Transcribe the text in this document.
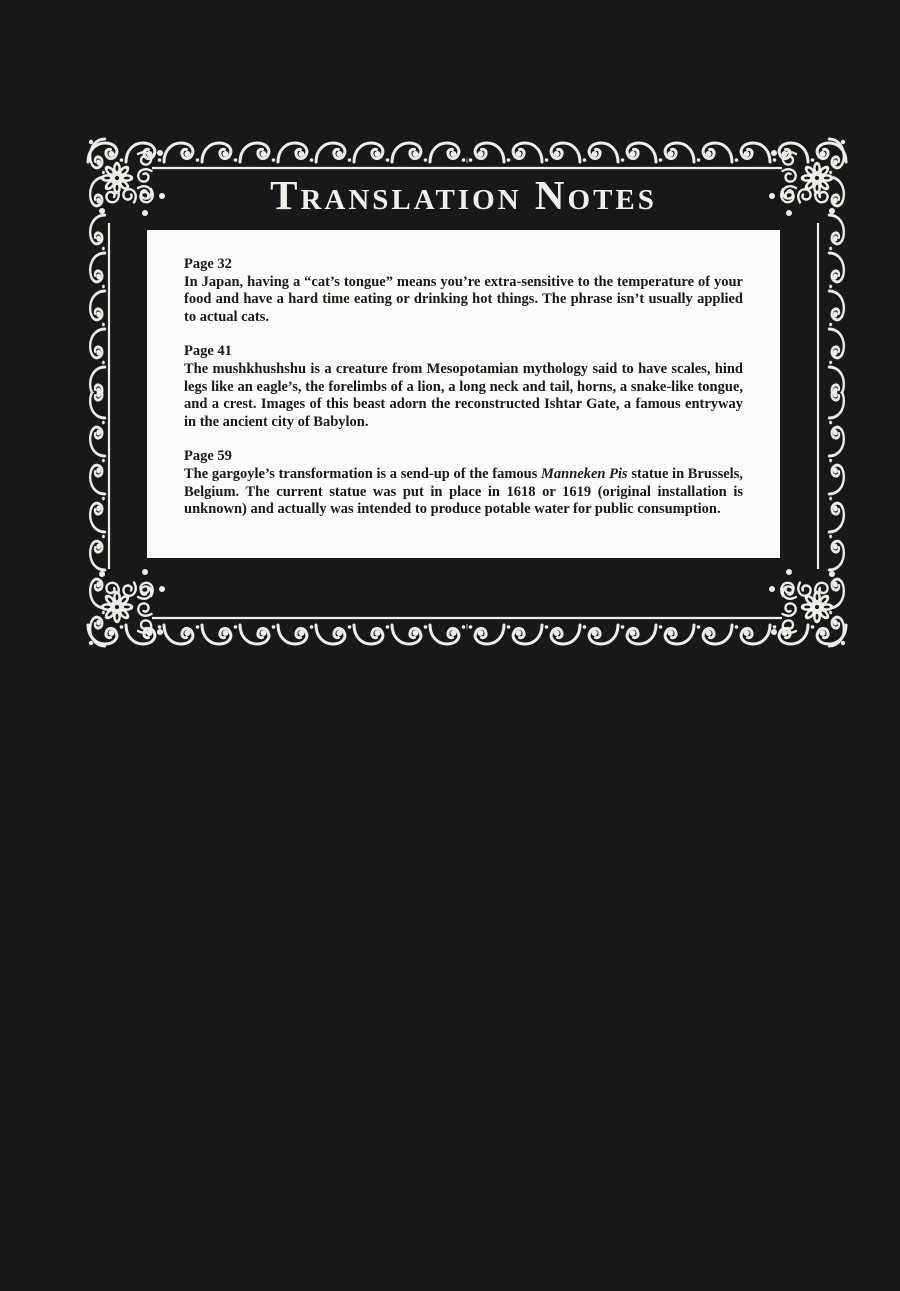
Translation Notes
Page 32
In Japan, having a “cat’s tongue” means you’re extra-sensitive to the temperature of your food and have a hard time eating or drinking hot things. The phrase isn’t usually applied to actual cats.
Page 41
The mushkhushshu is a creature from Mesopotamian mythology said to have scales, hind legs like an eagle’s, the forelimbs of a lion, a long neck and tail, horns, a snake-like tongue, and a crest. Images of this beast adorn the reconstructed Ishtar Gate, a famous entryway in the ancient city of Babylon.
Page 59
The gargoyle’s transformation is a send-up of the famous Manneken Pis statue in Brussels, Belgium. The current statue was put in place in 1618 or 1619 (original installation is unknown) and actually was intended to produce potable water for public consumption.
